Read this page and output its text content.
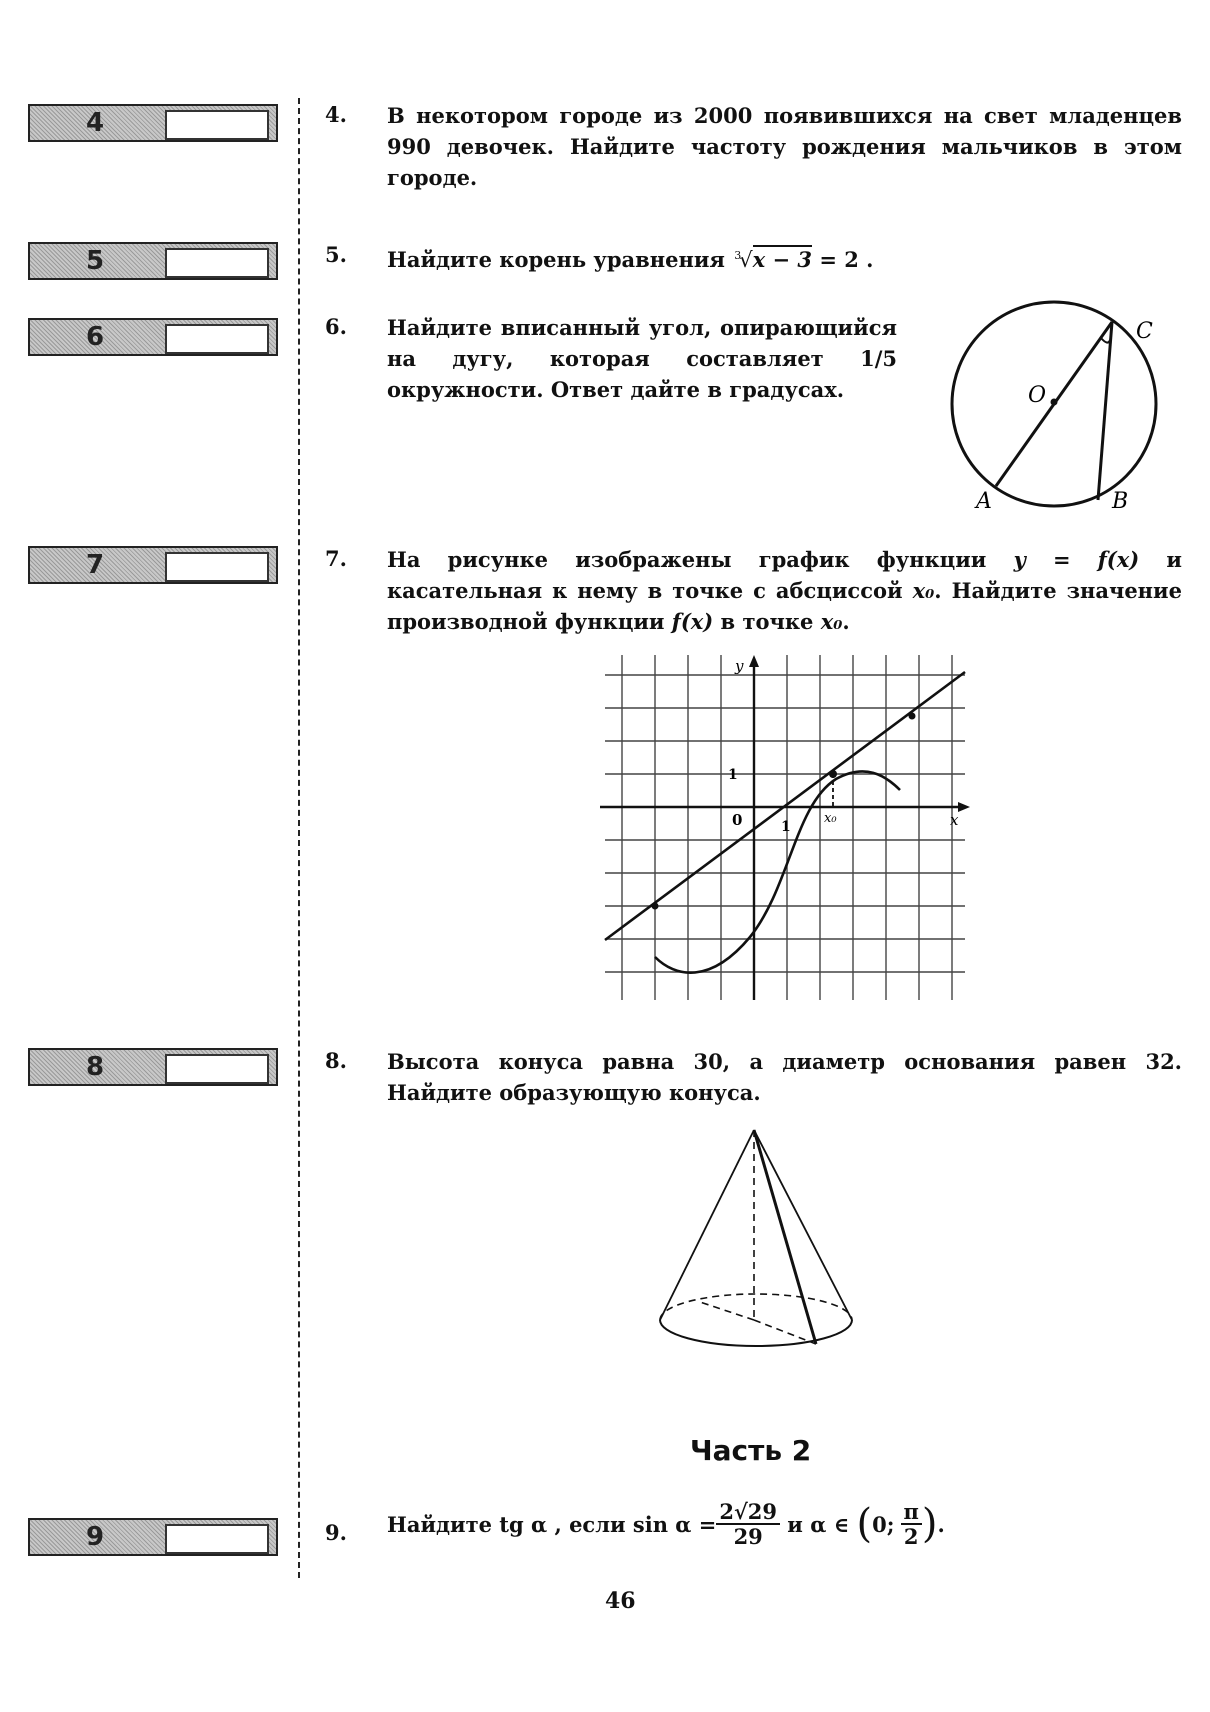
4
5
6
7
8
9
4. В некотором городе из 2000 появившихся на свет младенцев 990 девочек. Найдите частоту рождения мальчиков в этом городе.
5. Найдите корень уравнения $^3$√x − 3 = 2 .
6. Найдите вписанный угол, опирающийся на дугу, которая составляет 1/5 окружности. Ответ дайте в градусах.
C
O
A	B
7. На рисунке изображены график функции y = f(x) и касательная к нему в точке с абсциссой x₀. Найдите значение производной функции f(x) в точке x₀.
y
x
0	1
1
x₀
8. Высота конуса равна 30, а диаметр основания равен 32. Найдите образующую конуса.
Часть 2
9. Найдите tg α , если $\sin \alpha = \frac{2√29}{29}$ и α ∈ ( 0; $\frac{\pi}{2}$ ) .
46
